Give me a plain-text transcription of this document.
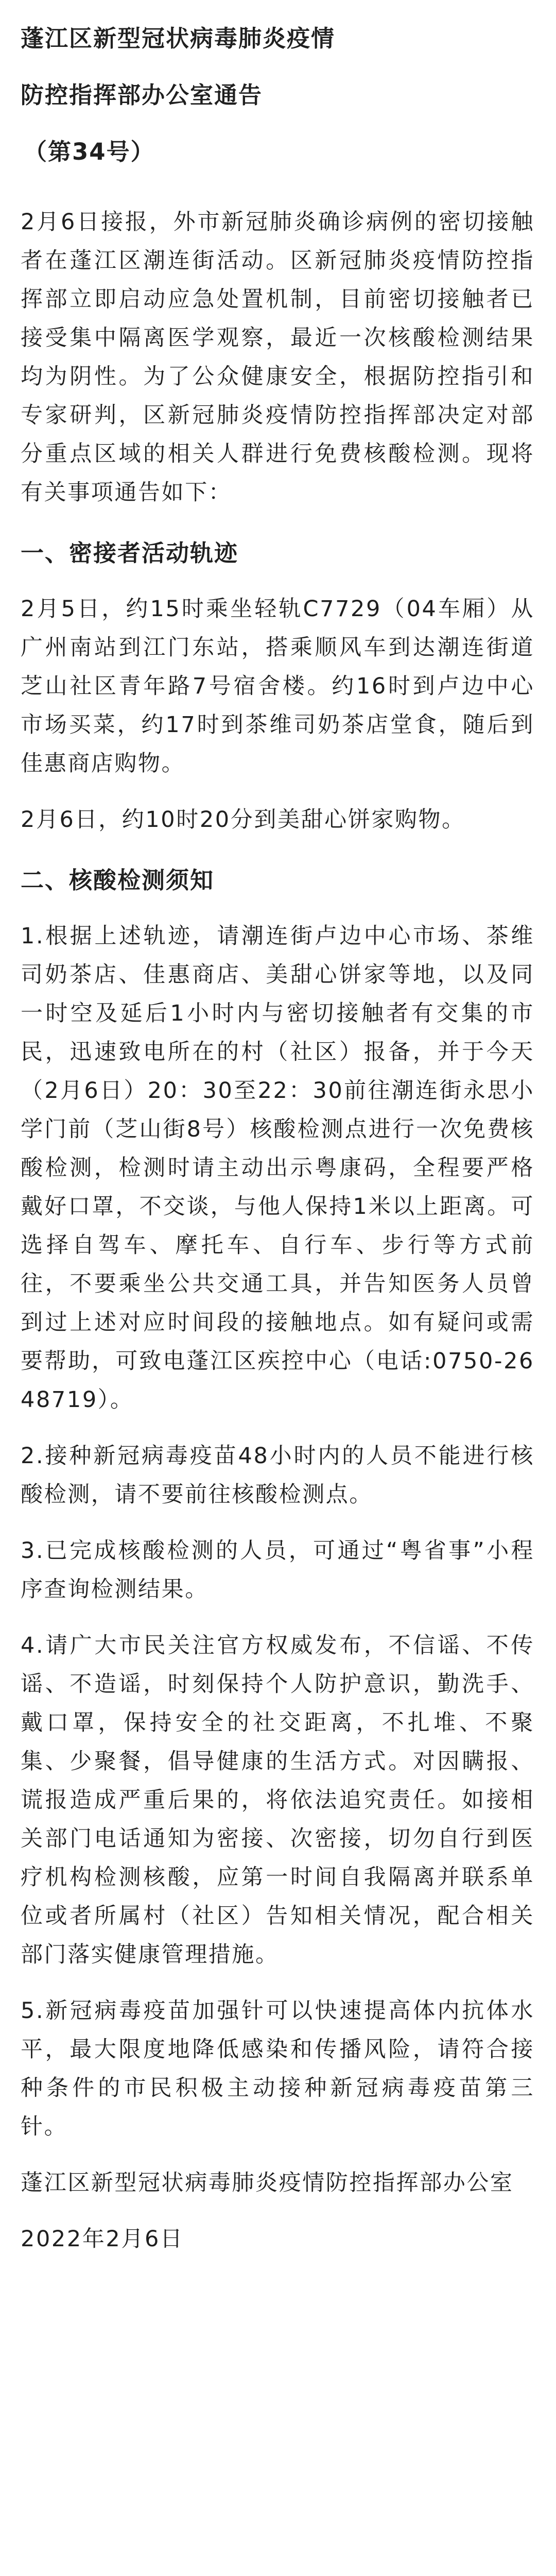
蓬江区新型冠状病毒肺炎疫情

防控指挥部办公室通告

（第34号）

2月6日接报，外市新冠肺炎确诊病例的密切接触者在蓬江区潮连街活动。区新冠肺炎疫情防控指挥部立即启动应急处置机制，目前密切接触者已接受集中隔离医学观察，最近一次核酸检测结果均为阴性。为了公众健康安全，根据防控指引和专家研判，区新冠肺炎疫情防控指挥部决定对部分重点区域的相关人群进行免费核酸检测。现将有关事项通告如下：

一、密接者活动轨迹

2月5日，约15时乘坐轻轨C7729（04车厢）从广州南站到江门东站，搭乘顺风车到达潮连街道芝山社区青年路7号宿舍楼。约16时到卢边中心市场买菜，约17时到茶维司奶茶店堂食，随后到佳惠商店购物。

2月6日，约10时20分到美甜心饼家购物。

二、核酸检测须知

1.根据上述轨迹，请潮连街卢边中心市场、茶维司奶茶店、佳惠商店、美甜心饼家等地，以及同一时空及延后1小时内与密切接触者有交集的市民，迅速致电所在的村（社区）报备，并于今天（2月6日）20：30至22：30前往潮连街永思小学门前（芝山街8号）核酸检测点进行一次免费核酸检测，检测时请主动出示粤康码，全程要严格戴好口罩，不交谈，与他人保持1米以上距离。可选择自驾车、摩托车、自行车、步行等方式前往，不要乘坐公共交通工具，并告知医务人员曾到过上述对应时间段的接触地点。如有疑问或需要帮助，可致电蓬江区疾控中心（电话:0750-2648719）。

2.接种新冠病毒疫苗48小时内的人员不能进行核酸检测，请不要前往核酸检测点。

3.已完成核酸检测的人员，可通过“粤省事”小程序查询检测结果。

4.请广大市民关注官方权威发布，不信谣、不传谣、不造谣，时刻保持个人防护意识，勤洗手、戴口罩，保持安全的社交距离，不扎堆、不聚集、少聚餐，倡导健康的生活方式。对因瞒报、谎报造成严重后果的，将依法追究责任。如接相关部门电话通知为密接、次密接，切勿自行到医疗机构检测核酸，应第一时间自我隔离并联系单位或者所属村（社区）告知相关情况，配合相关部门落实健康管理措施。

5.新冠病毒疫苗加强针可以快速提高体内抗体水平，最大限度地降低感染和传播风险，请符合接种条件的市民积极主动接种新冠病毒疫苗第三针。

蓬江区新型冠状病毒肺炎疫情防控指挥部办公室

2022年2月6日
